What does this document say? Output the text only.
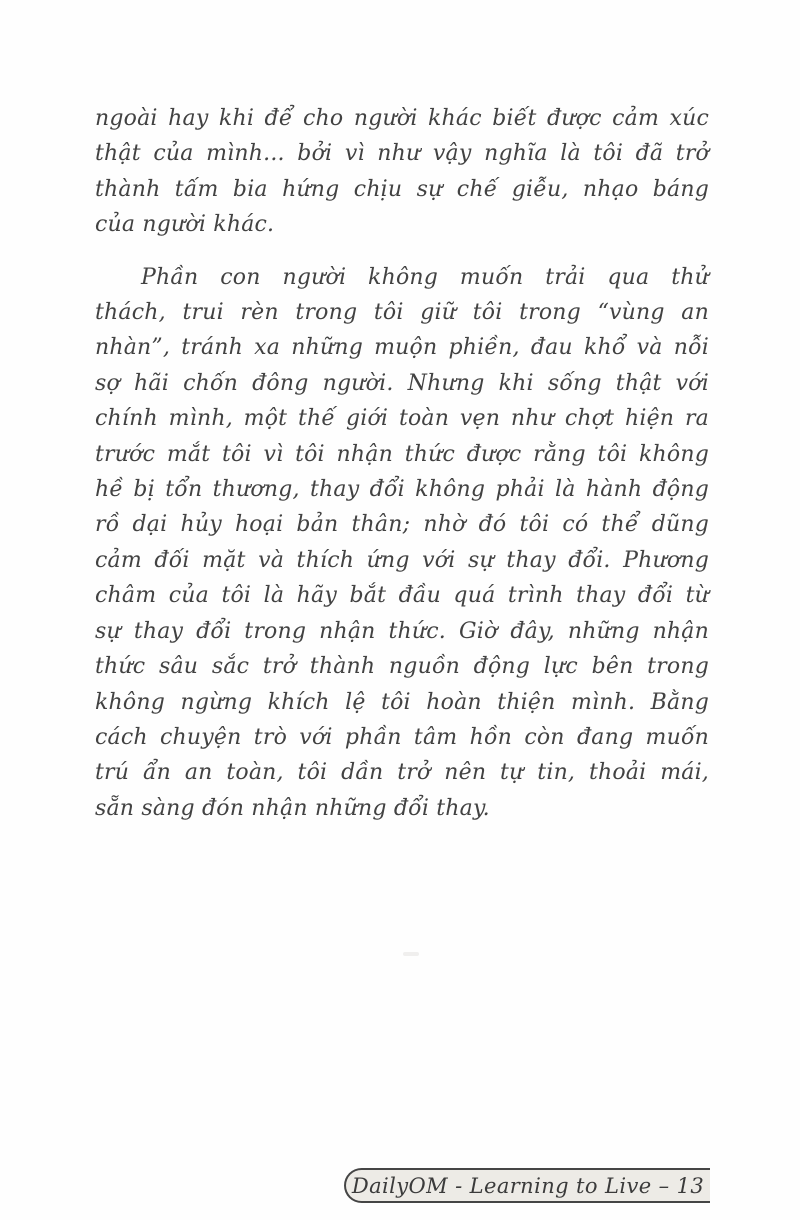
ngoài hay khi để cho người khác biết được cảm xúc
thật của mình... bởi vì như vậy nghĩa là tôi đã trở
thành tấm bia hứng chịu sự chế giễu, nhạo báng
của người khác.
Phần con người không muốn trải qua thử
thách, trui rèn trong tôi giữ tôi trong “vùng an
nhàn”, tránh xa những muộn phiền, đau khổ và nỗi
sợ hãi chốn đông người. Nhưng khi sống thật với
chính mình, một thế giới toàn vẹn như chợt hiện ra
trước mắt tôi vì tôi nhận thức được rằng tôi không
hề bị tổn thương, thay đổi không phải là hành động
rồ dại hủy hoại bản thân; nhờ đó tôi có thể dũng
cảm đối mặt và thích ứng với sự thay đổi. Phương
châm của tôi là hãy bắt đầu quá trình thay đổi từ
sự thay đổi trong nhận thức. Giờ đây, những nhận
thức sâu sắc trở thành nguồn động lực bên trong
không ngừng khích lệ tôi hoàn thiện mình. Bằng
cách chuyện trò với phần tâm hồn còn đang muốn
trú ẩn an toàn, tôi dần trở nên tự tin, thoải mái,
sẵn sàng đón nhận những đổi thay.
DailyOM - Learning to Live – 13
